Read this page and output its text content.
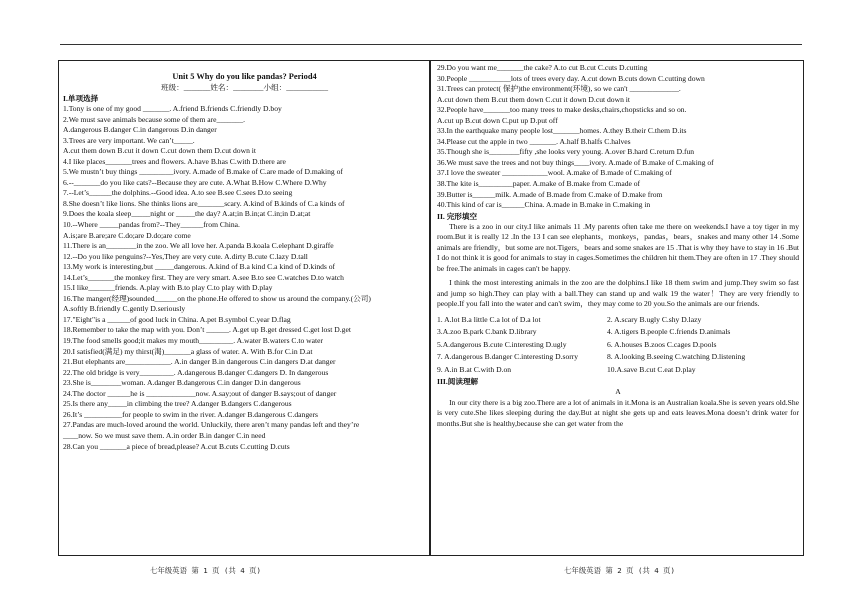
Unit 5 Why do you like pandas? Period4
班级：_______姓名：________小组：___________
I.单项选择
1.Tony is one of my good _______. A.friend B.friends C.friendly D.boy
2.We must save animals because some of them are_______.
A.dangerous B.danger C.in dangerous D.in danger
3.Trees are very important. We can’t_____.
A.cut them down B.cut it down C.cut down them D.cut down it
4.I like places_______trees and flowers. A.have B.has C.with D.there are
5.We mustn’t buy things _________ivory. A.made of B.make of C.are made of D.making of
6.--_______do you like cats?--Because they are cute. A.What B.How C.Where D.Why
7.--Let’s______the dolphins.--Good idea. A.to see B.see C.sees D.to seeing
8.She doesn’t like lions. She thinks lions are_______scary. A.kind of B.kinds of C.a kinds of
9.Does the koala sleep_____night or _____the day? A.at;in B.in;at C.in;in D.at;at
10.--Where _____pandas from?--They______from China.
A.is;are B.are;are C.do;are D.do;are come
11.There is an________in the zoo. We all love her. A.panda B.koala C.elephant D.giraffe
12.--Do you like penguins?--Yes,They are very cute. A.dirty B.cute C.lazy D.tall
13.My work is interesting,but _____dangerous. A.kind of B.a kind C.a kind of D.kinds of
14.Let’s_______the monkey first. They are very smart. A.see B.to see C.watches D.to watch
15.I like_______friends. A.play with B.to play C.to play with D.play
16.The manger(经理)sounded______on the phone.He offered to show us around the company.(公司)
A.softly B.friendly C.gently D.seriously
17."Eight"is a ______of good luck in China. A.pet B.symbol C.year D.flag
18.Remember to take the map with you. Don’t ______. A.get up B.get dressed C.get lost D.get
19.The food smells good;it makes my mouth_________. A.water B.waters C.to water
20.I satisfied(满足) my thirst(渴)_______a glass of water. A. With B.for C.in D.at
21.But elephants are____________. A.in danger B.in dangerous C.in dangers D.at danger
22.The old bridge is very_________. A.dangerous B.danger C.dangers D. In dangerous
23.She is________woman. A.danger B.dangerous C.in danger D.in dangerous
24.The doctor ______he is _____________now. A.say;out of danger B.says;out of danger
25.Is there any_____in climbing the tree? A.danger B.dangers C.dangerous
26.It’s __________for people to swim in the river. A.danger B.dangerous C.dangers
27.Pandas are much-loved around the world. Unluckily, there aren’t many pandas left and they’re
____now. So we must save them. A.in order B.in danger C.in need
28.Can you _______a piece of bread,please? A.cut B.cuts C.cutting D.cuts
29.Do you want me_______the cake? A.to cut B.cut C.cuts D.cutting
30.People ___________lots of trees every day. A.cut down B.cuts down C.cutting down
31.Trees can protect( 保护)the environment(环境), so we can't _____________.
A.cut down them B.cut them down C.cut it down D.cut down it
32.People have_______too many trees to make desks,chairs,chopsticks and so on.
A.cut up B.cut down C.put up D.put off
33.In the earthquake many people lost_______homes. A.they B.their C.them D.its
34.Please cut the apple in two _______. A.half B.halfs C.halves
35.Though she is________fifty ,she looks very young. A.over B.hard C.return D.fun
36.We must save the trees and not buy things____ivory. A.made of B.make of C.making of
37.I love the sweater ____________wool. A.make of B.made of C.making of
38.The kite is_________paper. A.make of B.make from C.made of
39.Butter is______milk. A.made of B.made from C.make of D.make from
40.This kind of car is______China. A.made in B.make in C.making in
II. 完形填空
There is a zoo in our city.I like animals 11 .My parents often take me there on weekends.I have a toy tiger in my room.But it is really 12 .In the 13 I can see elephants，monkeys，pandas，bears，snakes and many other 14 .Some animals are friendly，but some are not.Tigers，bears and some snakes are 15 .That is why they have to stay in 16 .But I do not think it is good for animals to stay in cages.Sometimes the children hit them.They are often in 17 .They should be free.The animals in cages can't be happy.
I think the most interesting animals in the zoo are the dolphins.I like 18 them swim and jump.They swim so fast and jump so high.They can play with a ball.They can stand up and walk 19 the water！They are very friendly to people.If you fall into the water and can't swim，they may come to 20 you.So the animals are our friends.
1. A.lot B.a little C.a lot of D.a lot	2. A.scary B.ugly C.shy D.lazy
3.A.zoo B.park C.bank D.library	4. A.tigers B.people C.friends D.animals
5.A.dangerous B.cute C.interesting D.ugly	6. A.houses B.zoos C.cages D.pools
7. A.dangerous B.danger C.interesting D.sorry	8. A.looking B.seeing C.watching D.listening
9. A.in B.at C.with D.on	10.A.save B.cut C.eat D.play
III.阅读理解
A
In our city there is a big zoo.There are a lot of animals in it.Mona is an Australian koala.She is seven years old.She is very cute.She likes sleeping during the day.But at night she gets up and eats leaves.Mona doesn’t drink water for months.But she is healthy,because she can get water from the
七年级英语 第 1 页 (共 4 页)	七年级英语 第 2 页 (共 4 页)
